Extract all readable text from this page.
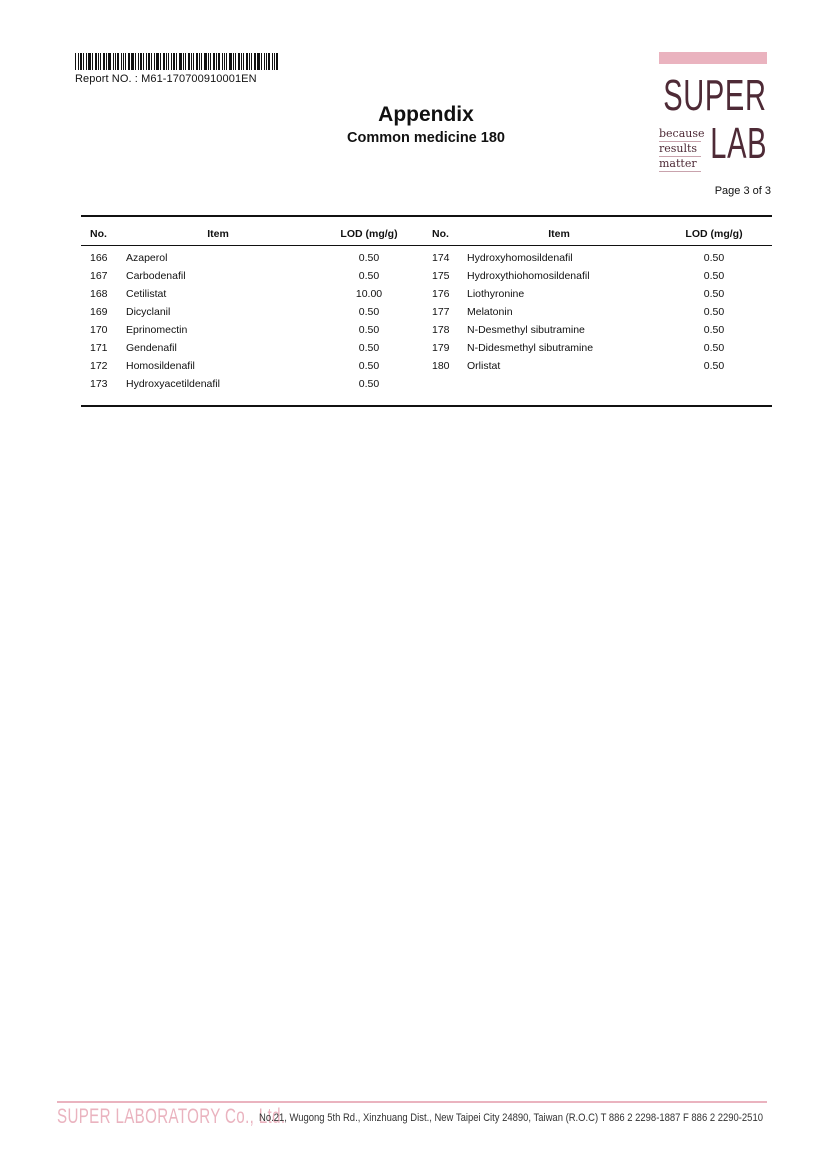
Report NO. : M61-170700910001EN
Appendix
Common medicine 180
SUPER
LAB
because
results
matter
Page 3 of 3
No.	Item	LOD (mg/g)	No.	Item	LOD (mg/g)
166 Azaperol	0.50	174 Hydroxyhomosildenafil	0.50
167 Carbodenafil	0.50	175 Hydroxythiohomosildenafil	0.50
168 Cetilistat	10.00	176 Liothyronine	0.50
169 Dicyclanil	0.50	177 Melatonin	0.50
170 Eprinomectin	0.50	178 N-Desmethyl sibutramine	0.50
171 Gendenafil	0.50	179 N-Didesmethyl sibutramine	0.50
172 Homosildenafil	0.50	180 Orlistat	0.50
173 Hydroxyacetildenafil	0.50
SUPER LABORATORY Co., Ltd.
No.21, Wugong 5th Rd., Xinzhuang Dist., New Taipei City 24890, Taiwan (R.O.C) T 886 2 2298-1887 F 886 2 2290-2510
